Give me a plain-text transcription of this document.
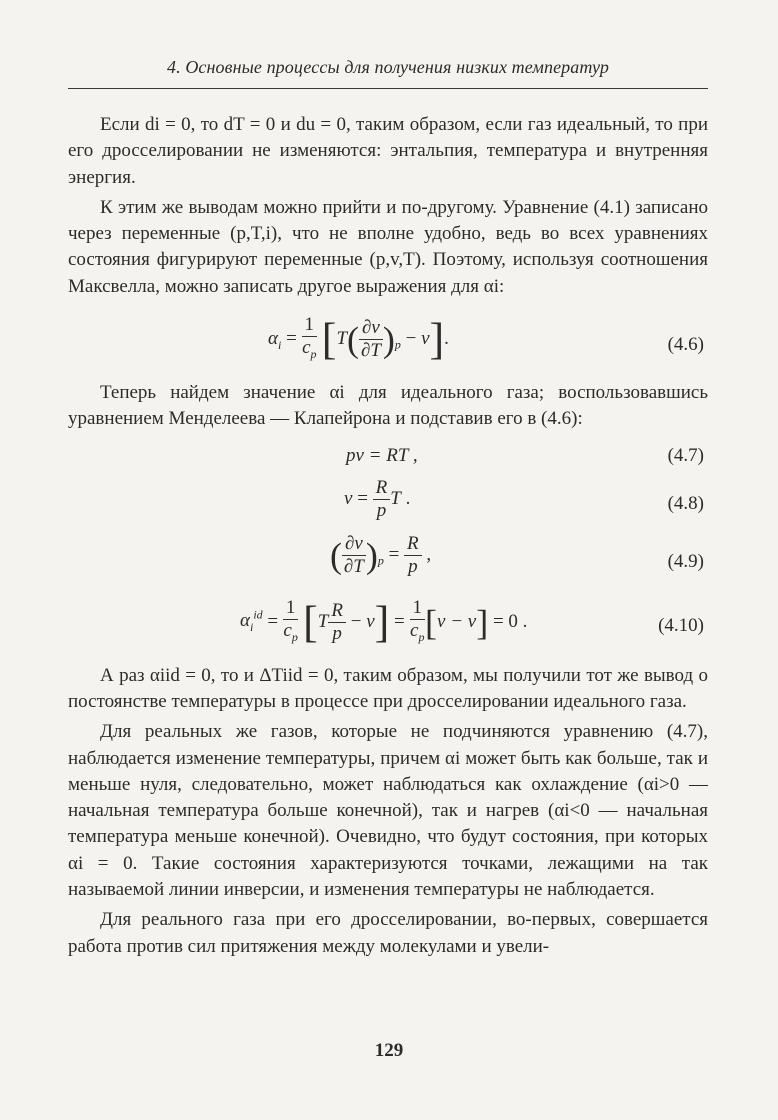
4. Основные процессы для получения низких температур

Если di = 0, то dT = 0 и du = 0, таким образом, если газ идеальный, то при его дросселировании не изменяются: энтальпия, температура и внутренняя энергия.

К этим же выводам можно прийти и по-другому. Уравнение (4.1) записано через переменные (p,T,i), что не вполне удобно, ведь во всех уравнениях состояния фигурируют переменные (p,v,T). Поэтому, используя соотношения Максвелла, можно записать другое выражения для αi:

$\alpha_i = \frac{1}{c_p} [T( \frac{\partial v}{\partial T} )_p - v]$.	(4.6)

Теперь найдем значение αi для идеального газа; воспользовавшись уравнением Менделеева — Клапейрона и подставив его в (4.6):

pv = RT ,	(4.7)
$v = \frac{R}{p}$ T .	(4.8)
( $\frac{\partial v}{\partial T} )_p = \frac{R}{p}$ ,	(4.9)
$\alpha_i^{id} = \frac{1}{c_p} [T \frac{R}{p} - v] = \frac{1}{c_p} [v - v] = 0$ .	(4.10)

А раз αiid = 0, то и ΔTiid = 0, таким образом, мы получили тот же вывод о постоянстве температуры в процессе при дросселировании идеального газа.

Для реальных же газов, которые не подчиняются уравнению (4.7), наблюдается изменение температуры, причем αi может быть как больше, так и меньше нуля, следовательно, может наблюдаться как охлаждение (αi>0 — начальная температура больше конечной), так и нагрев (αi<0 — начальная температура меньше конечной). Очевидно, что будут состояния, при которых αi = 0. Такие состояния характеризуются точками, лежащими на так называемой линии инверсии, и изменения температуры не наблюдается.

Для реального газа при его дросселировании, во-первых, совершается работа против сил притяжения между молекулами и увели-

129
